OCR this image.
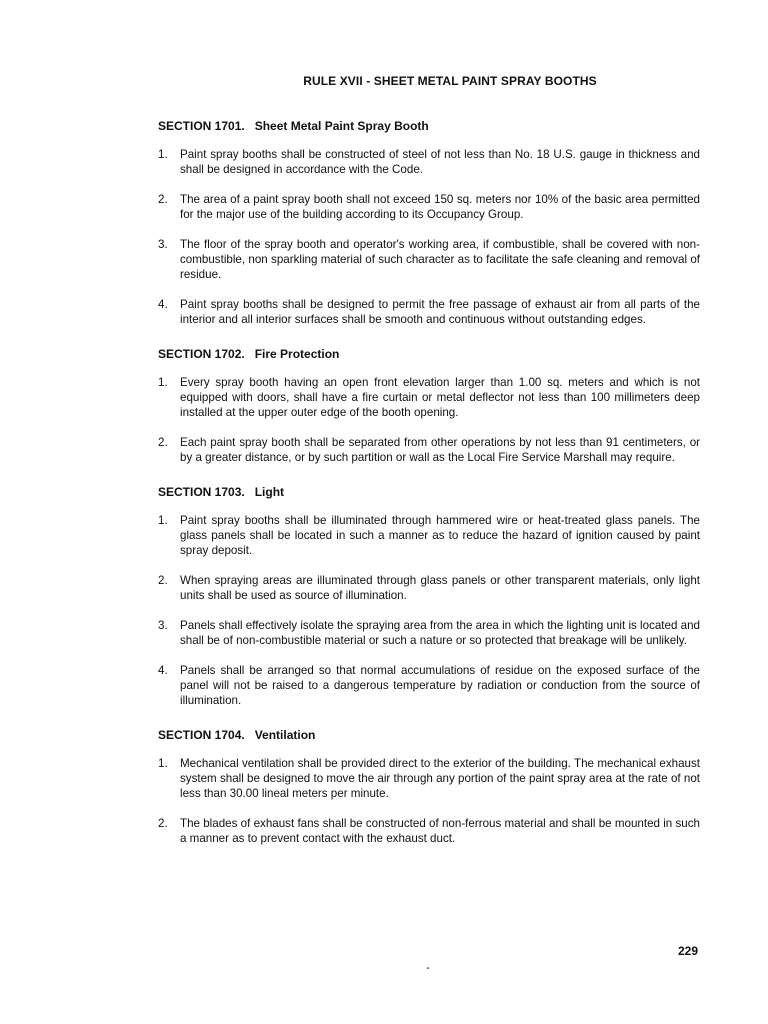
RULE XVII - SHEET METAL PAINT SPRAY BOOTHS
SECTION 1701. Sheet Metal Paint Spray Booth
1.	Paint spray booths shall be constructed of steel of not less than No. 18 U.S. gauge in thickness and shall be designed in accordance with the Code.
2.	The area of a paint spray booth shall not exceed 150 sq. meters nor 10% of the basic area permitted for the major use of the building according to its Occupancy Group.
3.	The floor of the spray booth and operator's working area, if combustible, shall be covered with non-combustible, non sparkling material of such character as to facilitate the safe cleaning and removal of residue.
4.	Paint spray booths shall be designed to permit the free passage of exhaust air from all parts of the interior and all interior surfaces shall be smooth and continuous without outstanding edges.
SECTION 1702. Fire Protection
1.	Every spray booth having an open front elevation larger than 1.00 sq. meters and which is not equipped with doors, shall have a fire curtain or metal deflector not less than 100 millimeters deep installed at the upper outer edge of the booth opening.
2.	Each paint spray booth shall be separated from other operations by not less than 91 centimeters, or by a greater distance, or by such partition or wall as the Local Fire Service Marshall may require.
SECTION 1703. Light
1.	Paint spray booths shall be illuminated through hammered wire or heat-treated glass panels. The glass panels shall be located in such a manner as to reduce the hazard of ignition caused by paint spray deposit.
2.	When spraying areas are illuminated through glass panels or other transparent materials, only light units shall be used as source of illumination.
3.	Panels shall effectively isolate the spraying area from the area in which the lighting unit is located and shall be of non-combustible material or such a nature or so protected that breakage will be unlikely.
4.	Panels shall be arranged so that normal accumulations of residue on the exposed surface of the panel will not be raised to a dangerous temperature by radiation or conduction from the source of illumination.
SECTION 1704. Ventilation
1.	Mechanical ventilation shall be provided direct to the exterior of the building. The mechanical exhaust system shall be designed to move the air through any portion of the paint spray area at the rate of not less than 30.00 lineal meters per minute.
2.	The blades of exhaust fans shall be constructed of non-ferrous material and shall be mounted in such a manner as to prevent contact with the exhaust duct.
229
-
